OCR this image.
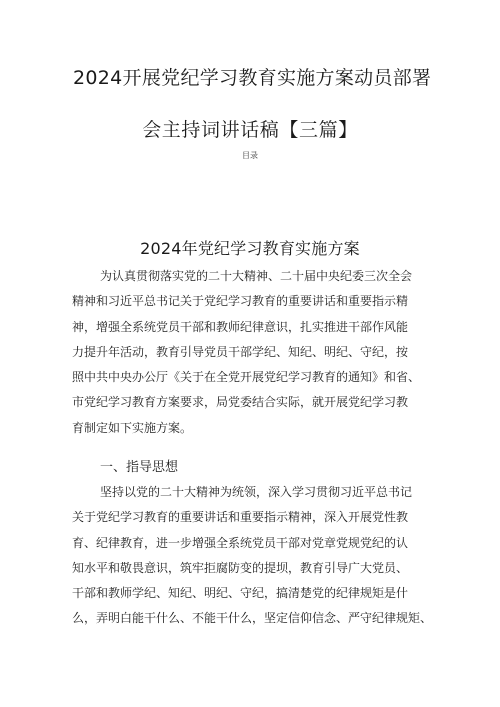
2024开展党纪学习教育实施方案动员部署
会主持词讲话稿【三篇】
目录
2024年党纪学习教育实施方案
为认真贯彻落实党的二十大精神、二十届中央纪委三次全会
精神和习近平总书记关于党纪学习教育的重要讲话和重要指示精
神，增强全系统党员干部和教师纪律意识，扎实推进干部作风能
力提升年活动，教育引导党员干部学纪、知纪、明纪、守纪，按
照中共中央办公厅《关于在全党开展党纪学习教育的通知》和省、
市党纪学习教育方案要求，局党委结合实际，就开展党纪学习教
育制定如下实施方案。
一、指导思想
坚持以党的二十大精神为统领，深入学习贯彻习近平总书记
关于党纪学习教育的重要讲话和重要指示精神，深入开展党性教
育、纪律教育，进一步增强全系统党员干部对党章党规党纪的认
知水平和敬畏意识，筑牢拒腐防变的提坝，教育引导广大党员、
干部和教师学纪、知纪、明纪、守纪，搞清楚党的纪律规矩是什
么，弄明白能干什么、不能干什么，坚定信仰信念、严守纪律规矩、
